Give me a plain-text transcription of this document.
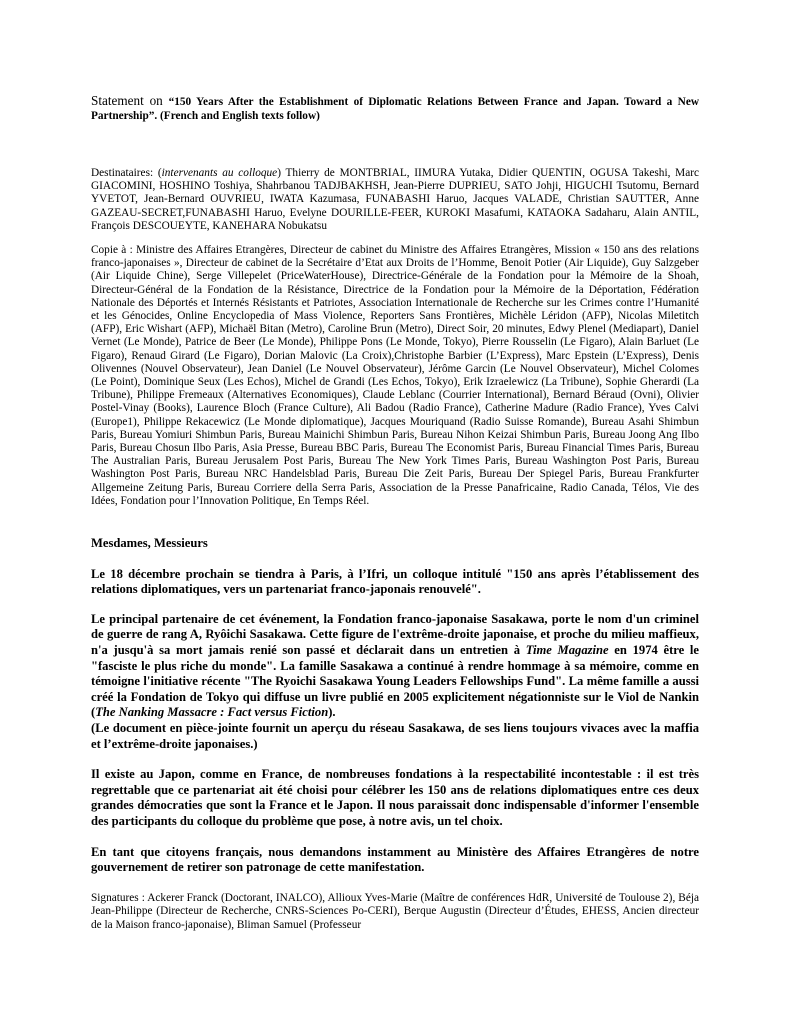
Statement on “150 Years After the Establishment of Diplomatic Relations Between France and Japan. Toward a New Partnership”. (French and English texts follow)

Destinataires: (intervenants au colloque) Thierry de MONTBRIAL, IIMURA Yutaka, Didier QUENTIN, OGUSA Takeshi, Marc GIACOMINI, HOSHINO Toshiya, Shahrbanou TADJBAKHSH, Jean-Pierre DUPRIEU, SATO Johji, HIGUCHI Tsutomu, Bernard YVETOT, Jean-Bernard OUVRIEU, IWATA Kazumasa, FUNABASHI Haruo, Jacques VALADE, Christian SAUTTER, Anne GAZEAU-SECRET,FUNABASHI Haruo, Evelyne DOURILLE-FEER, KUROKI Masafumi, KATAOKA Sadaharu, Alain ANTIL, François DESCOUEYTE, KANEHARA Nobukatsu

Copie à : Ministre des Affaires Etrangères, Directeur de cabinet du Ministre des Affaires Etrangères, Mission « 150 ans des relations franco-japonaises », Directeur de cabinet de la Secrétaire d’Etat aux Droits de l’Homme, Benoit Potier (Air Liquide), Guy Salzgeber (Air Liquide Chine), Serge Villepelet (PriceWaterHouse), Directrice-Générale de la Fondation pour la Mémoire de la Shoah, Directeur-Général de la Fondation de la Résistance, Directrice de la Fondation pour la Mémoire de la Déportation, Fédération Nationale des Déportés et Internés Résistants et Patriotes, Association Internationale de Recherche sur les Crimes contre l’Humanité et les Génocides, Online Encyclopedia of Mass Violence, Reporters Sans Frontières, Michèle Léridon (AFP), Nicolas Miletitch (AFP), Eric Wishart (AFP), Michaël Bitan (Metro), Caroline Brun (Metro), Direct Soir, 20 minutes, Edwy Plenel (Mediapart), Daniel Vernet (Le Monde), Patrice de Beer (Le Monde), Philippe Pons (Le Monde, Tokyo), Pierre Rousselin (Le Figaro), Alain Barluet (Le Figaro), Renaud Girard (Le Figaro), Dorian Malovic (La Croix),Christophe Barbier (L’Express), Marc Epstein (L’Express), Denis Olivennes (Nouvel Observateur), Jean Daniel (Le Nouvel Observateur), Jérôme Garcin (Le Nouvel Observateur), Michel Colomes (Le Point), Dominique Seux (Les Echos), Michel de Grandi (Les Echos, Tokyo), Erik Izraelewicz (La Tribune), Sophie Gherardi (La Tribune), Philippe Fremeaux (Alternatives Economiques), Claude Leblanc (Courrier International), Bernard Béraud (Ovni), Olivier Postel-Vinay (Books), Laurence Bloch (France Culture), Ali Badou (Radio France), Catherine Madure (Radio France), Yves Calvi (Europe1), Philippe Rekacewicz (Le Monde diplomatique), Jacques Mouriquand (Radio Suisse Romande), Bureau Asahi Shimbun Paris, Bureau Yomiuri Shimbun Paris, Bureau Mainichi Shimbun Paris, Bureau Nihon Keizai Shimbun Paris, Bureau Joong Ang Ilbo Paris, Bureau Chosun Ilbo Paris, Asia Presse, Bureau BBC Paris, Bureau The Economist Paris, Bureau Financial Times Paris, Bureau The Australian Paris, Bureau Jerusalem Post Paris, Bureau The New York Times Paris, Bureau Washington Post Paris, Bureau Washington Post Paris, Bureau NRC Handelsblad Paris, Bureau Die Zeit Paris, Bureau Der Spiegel Paris, Bureau Frankfurter Allgemeine Zeitung Paris, Bureau Corriere della Serra Paris, Association de la Presse Panafricaine, Radio Canada, Télos, Vie des Idées, Fondation pour l’Innovation Politique, En Temps Réel.

Mesdames, Messieurs

Le 18 décembre prochain se tiendra à Paris, à l’Ifri, un colloque intitulé "150 ans après l’établissement des relations diplomatiques, vers un partenariat franco-japonais renouvelé".

Le principal partenaire de cet événement, la Fondation franco-japonaise Sasakawa, porte le nom d'un criminel de guerre de rang A, Ryôichi Sasakawa. Cette figure de l'extrême-droite japonaise, et proche du milieu maffieux, n'a jusqu'à sa mort jamais renié son passé et déclarait dans un entretien à Time Magazine en 1974 être le "fasciste le plus riche du monde". La famille Sasakawa a continué à rendre hommage à sa mémoire, comme en témoigne l'initiative récente "The Ryoichi Sasakawa Young Leaders Fellowships Fund". La même famille a aussi créé la Fondation de Tokyo qui diffuse un livre publié en 2005 explicitement négationniste sur le Viol de Nankin (The Nanking Massacre : Fact versus Fiction).
(Le document en pièce-jointe fournit un aperçu du réseau Sasakawa, de ses liens toujours vivaces avec la maffia et l’extrême-droite japonaises.)

Il existe au Japon, comme en France, de nombreuses fondations à la respectabilité incontestable : il est très regrettable que ce partenariat ait été choisi pour célébrer les 150 ans de relations diplomatiques entre ces deux grandes démocraties que sont la France et le Japon. Il nous paraissait donc indispensable d'informer l'ensemble des participants du colloque du problème que pose, à notre avis, un tel choix.

En tant que citoyens français, nous demandons instamment au Ministère des Affaires Etrangères de notre gouvernement de retirer son patronage de cette manifestation.

Signatures : Ackerer Franck (Doctorant, INALCO), Allioux Yves-Marie (Maître de conférences HdR, Université de Toulouse 2), Béja Jean-Philippe (Directeur de Recherche, CNRS-Sciences Po-CERI), Berque Augustin (Directeur d’Études, EHESS, Ancien directeur de la Maison franco-japonaise), Bliman Samuel (Professeur
